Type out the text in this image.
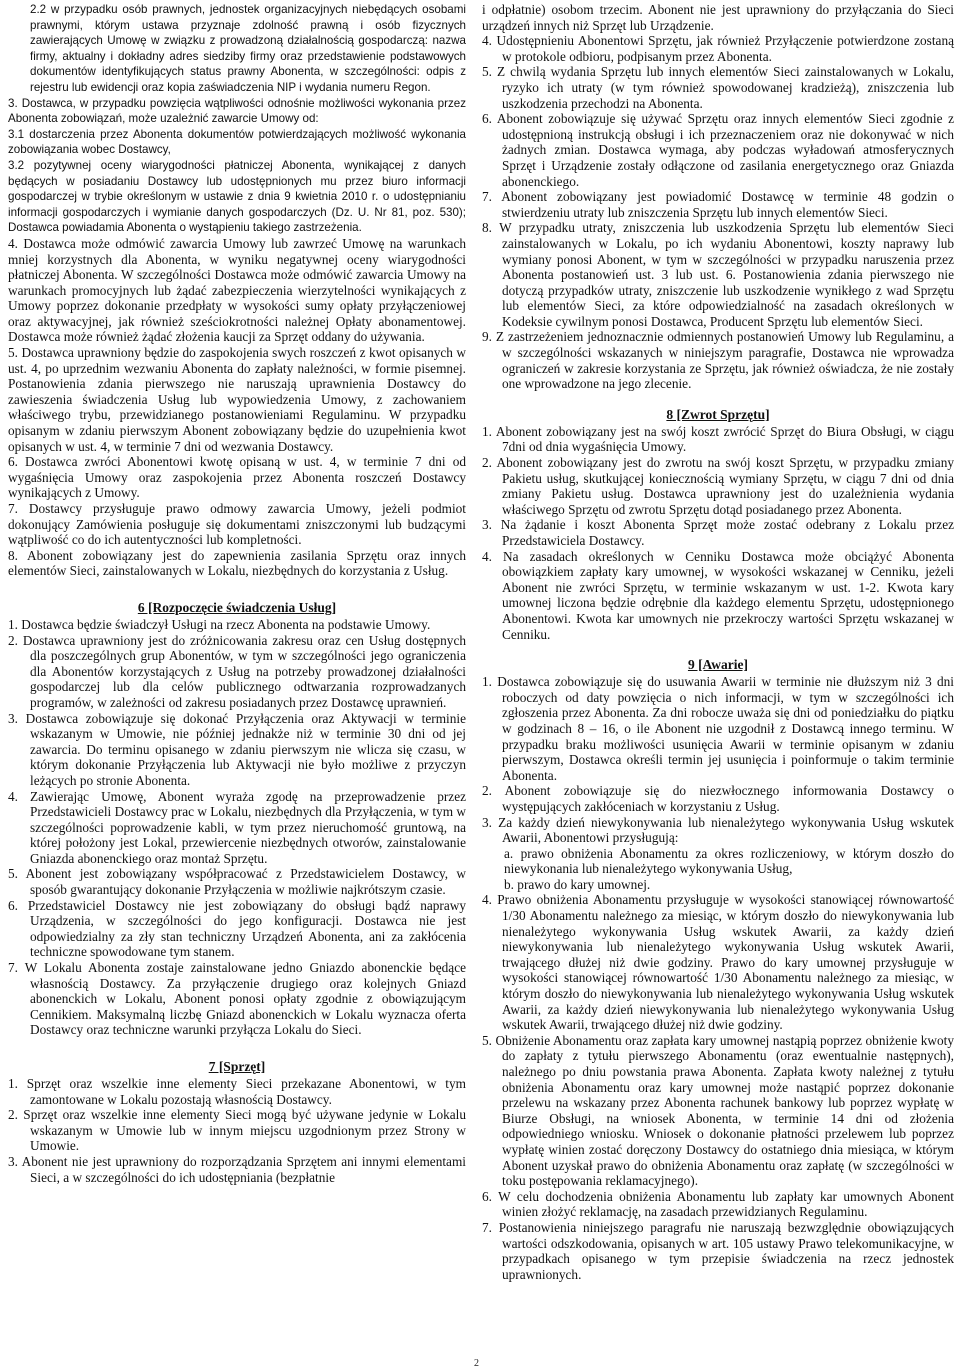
2.2 w przypadku osób prawnych, jednostek organizacyjnych niebędących osobami prawnymi, którym ustawa przyznaje zdolność prawną i osób fizycznych zawierających Umowę w związku z prowadzoną działalnością gospodarczą: nazwa firmy, aktualny i dokładny adres siedziby firmy oraz przedstawienie podstawowych dokumentów identyfikujących status prawny Abonenta, w szczególności: odpis z rejestru lub ewidencji oraz kopia zaświadczenia NIP i wydania numeru Regon.

3. Dostawca, w przypadku powzięcia wątpliwości odnośnie możliwości wykonania przez Abonenta zobowiązań, może uzależnić zawarcie Umowy od:

3.1 dostarczenia przez Abonenta dokumentów potwierdzających możliwość wykonania zobowiązania wobec Dostawcy,

3.2 pozytywnej oceny wiarygodności płatniczej Abonenta, wynikającej z danych będących w posiadaniu Dostawcy lub udostępnionych mu przez biuro informacji gospodarczej w trybie określonym w ustawie z dnia 9 kwietnia 2010 r. o udostępnianiu informacji gospodarczych i wymianie danych gospodarczych (Dz. U. Nr 81, poz. 530); Dostawca powiadamia Abonenta o wystąpieniu takiego zastrzeżenia.

4. Dostawca może odmówić zawarcia Umowy lub zawrzeć Umowę na warunkach mniej korzystnych dla Abonenta, w wyniku negatywnej oceny wiarygodności płatniczej Abonenta. W szczególności Dostawca może odmówić zawarcia Umowy na warunkach promocyjnych lub żądać zabezpieczenia wierzytelności wynikających z Umowy poprzez dokonanie przedpłaty w wysokości sumy opłaty przyłączeniowej oraz aktywacyjnej, jak również sześciokrotności należnej Opłaty abonamentowej. Dostawca może również żądać złożenia kaucji za Sprzęt oddany do używania.

5. Dostawca uprawniony będzie do zaspokojenia swych roszczeń z kwot opisanych w ust. 4, po uprzednim wezwaniu Abonenta do zapłaty należności, w formie pisemnej. Postanowienia zdania pierwszego nie naruszają uprawnienia Dostawcy do zawieszenia świadczenia Usług lub wypowiedzenia Umowy, z zachowaniem właściwego trybu, przewidzianego postanowieniami Regulaminu. W przypadku opisanym w zdaniu pierwszym Abonent zobowiązany będzie do uzupełnienia kwot opisanych w ust. 4, w terminie 7 dni od wezwania Dostawcy.

6. Dostawca zwróci Abonentowi kwotę opisaną w ust. 4, w terminie 7 dni od wygaśnięcia Umowy oraz zaspokojenia przez Abonenta roszczeń Dostawcy wynikających z Umowy.

7. Dostawcy przysługuje prawo odmowy zawarcia Umowy, jeżeli podmiot dokonujący Zamówienia posługuje się dokumentami zniszczonymi lub budzącymi wątpliwość co do ich autentyczności lub kompletności.

8. Abonent zobowiązany jest do zapewnienia zasilania Sprzętu oraz innych elementów Sieci, zainstalowanych w Lokalu, niezbędnych do korzystania z Usług.

6 [Rozpoczęcie świadczenia Usług]

1. Dostawca będzie świadczył Usługi na rzecz Abonenta na podstawie Umowy.

2. Dostawca uprawniony jest do zróżnicowania zakresu oraz cen Usług dostępnych dla poszczególnych grup Abonentów, w tym w szczególności jego ograniczenia dla Abonentów korzystających z Usług na potrzeby prowadzonej działalności gospodarczej lub dla celów publicznego odtwarzania rozprowadzanych programów, w zależności od zakresu posiadanych przez Dostawcę uprawnień.

3. Dostawca zobowiązuje się dokonać Przyłączenia oraz Aktywacji w terminie wskazanym w Umowie, nie później jednakże niż w terminie 30 dni od jej zawarcia. Do terminu opisanego w zdaniu pierwszym nie wlicza się czasu, w którym dokonanie Przyłączenia lub Aktywacji nie było możliwe z przyczyn leżących po stronie Abonenta.

4. Zawierając Umowę, Abonent wyraża zgodę na przeprowadzenie przez Przedstawicieli Dostawcy prac w Lokalu, niezbędnych dla Przyłączenia, w tym w szczególności poprowadzenie kabli, w tym przez nieruchomość gruntową, na której położony jest Lokal, przewiercenie niezbędnych otworów, zainstalowanie Gniazda abonenckiego oraz montaż Sprzętu.

5. Abonent jest zobowiązany współpracować z Przedstawicielem Dostawcy, w sposób gwarantujący dokonanie Przyłączenia w możliwie najkrótszym czasie.

6. Przedstawiciel Dostawcy nie jest zobowiązany do obsługi bądź naprawy Urządzenia, w szczególności do jego konfiguracji. Dostawca nie jest odpowiedzialny za zły stan techniczny Urządzeń Abonenta, ani za zakłócenia techniczne spowodowane tym stanem.

7. W Lokalu Abonenta zostaje zainstalowane jedno Gniazdo abonenckie będące własnością Dostawcy. Za przyłączenie drugiego oraz kolejnych Gniazd abonenckich w Lokalu, Abonent ponosi opłaty zgodnie z obowiązującym Cennikiem. Maksymalną liczbę Gniazd abonenckich w Lokalu wyznacza oferta Dostawcy oraz techniczne warunki przyłącza Lokalu do Sieci.

7 [Sprzęt]

1. Sprzęt oraz wszelkie inne elementy Sieci przekazane Abonentowi, w tym zamontowane w Lokalu pozostają własnością Dostawcy.

2. Sprzęt oraz wszelkie inne elementy Sieci mogą być używane jedynie w Lokalu wskazanym w Umowie lub w innym miejscu uzgodnionym przez Strony w Umowie.

3. Abonent nie jest uprawniony do rozporządzania Sprzętem ani innymi elementami Sieci, a w szczególności do ich udostępniania (bezpłatnie

i odpłatnie) osobom trzecim. Abonent nie jest uprawniony do przyłączania do Sieci urządzeń innych niż Sprzęt lub Urządzenie.

4. Udostępnieniu Abonentowi Sprzętu, jak również Przyłączenie potwierdzone zostaną w protokole odbioru, podpisanym przez Abonenta.

5. Z chwilą wydania Sprzętu lub innych elementów Sieci zainstalowanych w Lokalu, ryzyko ich utraty (w tym również spowodowanej kradzieżą), zniszczenia lub uszkodzenia przechodzi na Abonenta.

6. Abonent zobowiązuje się używać Sprzętu oraz innych elementów Sieci zgodnie z udostępnioną instrukcją obsługi i ich przeznaczeniem oraz nie dokonywać w nich żadnych zmian. Dostawca wymaga, aby podczas wyładowań atmosferycznych Sprzęt i Urządzenie zostały odłączone od zasilania energetycznego oraz Gniazda abonenckiego.

7. Abonent zobowiązany jest powiadomić Dostawcę w terminie 48 godzin o stwierdzeniu utraty lub zniszczenia Sprzętu lub innych elementów Sieci.

8. W przypadku utraty, zniszczenia lub uszkodzenia Sprzętu lub elementów Sieci zainstalowanych w Lokalu, po ich wydaniu Abonentowi, koszty naprawy lub wymiany ponosi Abonent, w tym w szczególności w przypadku naruszenia przez Abonenta postanowień ust. 3 lub ust. 6. Postanowienia zdania pierwszego nie dotyczą przypadków utraty, zniszczenie lub uszkodzenie wynikłego z wad Sprzętu lub elementów Sieci, za które odpowiedzialność na zasadach określonych w Kodeksie cywilnym ponosi Dostawca, Producent Sprzętu lub elementów Sieci.

9. Z zastrzeżeniem jednoznacznie odmiennych postanowień Umowy lub Regulaminu, a w szczególności wskazanych w niniejszym paragrafie, Dostawca nie wprowadza ograniczeń w zakresie korzystania ze Sprzętu, jak również oświadcza, że nie zostały one wprowadzone na jego zlecenie.

8 [Zwrot Sprzętu]

1. Abonent zobowiązany jest na swój koszt zwrócić Sprzęt do Biura Obsługi, w ciągu 7dni od dnia wygaśnięcia Umowy.

2. Abonent zobowiązany jest do zwrotu na swój koszt Sprzętu, w przypadku zmiany Pakietu usług, skutkującej koniecznością wymiany Sprzętu, w ciągu 7 dni od dnia zmiany Pakietu usług. Dostawca uprawniony jest do uzależnienia wydania właściwego Sprzętu od zwrotu Sprzętu dotąd posiadanego przez Abonenta.

3. Na żądanie i koszt Abonenta Sprzęt może zostać odebrany z Lokalu przez Przedstawiciela Dostawcy.

4. Na zasadach określonych w Cenniku Dostawca może obciążyć Abonenta obowiązkiem zapłaty kary umownej, w wysokości wskazanej w Cenniku, jeżeli Abonent nie zwróci Sprzętu, w terminie wskazanym w ust. 1-2. Kwota kary umownej liczona będzie odrębnie dla każdego elementu Sprzętu, udostępnionego Abonentowi. Kwota kar umownych nie przekroczy wartości Sprzętu wskazanej w Cenniku.

9 [Awarie]

1. Dostawca zobowiązuje się do usuwania Awarii w terminie nie dłuższym niż 3 dni roboczych od daty powzięcia o nich informacji, w tym w szczególności ich zgłoszenia przez Abonenta. Za dni robocze uważa się dni od poniedziałku do piątku w godzinach 8 – 16, o ile Abonent nie uzgodnił z Dostawcą innego terminu. W przypadku braku możliwości usunięcia Awarii w terminie opisanym w zdaniu pierwszym, Dostawca określi termin jej usunięcia i poinformuje o takim terminie Abonenta.

2. Abonent zobowiązuje się do niezwłocznego informowania Dostawcy o występujących zakłóceniach w korzystaniu z Usług.

3. Za każdy dzień niewykonywania lub nienależytego wykonywania Usług wskutek Awarii, Abonentowi przysługują:

a. prawo obniżenia Abonamentu za okres rozliczeniowy, w którym doszło do niewykonania lub nienależytego wykonywania Usług,

b. prawo do kary umownej.

4. Prawo obniżenia Abonamentu przysługuje w wysokości stanowiącej równowartość 1/30 Abonamentu należnego za miesiąc, w którym doszło do niewykonywania lub nienależytego wykonywania Usług wskutek Awarii, za każdy dzień niewykonywania lub nienależytego wykonywania Usług wskutek Awarii, trwającego dłużej niż dwie godziny. Prawo do kary umownej przysługuje w wysokości stanowiącej równowartość 1/30 Abonamentu należnego za miesiąc, w którym doszło do niewykonywania lub nienależytego wykonywania Usług wskutek Awarii, za każdy dzień niewykonywania lub nienależytego wykonywania Usług wskutek Awarii, trwającego dłużej niż dwie godziny.

5. Obniżenie Abonamentu oraz zapłata kary umownej nastąpią poprzez obniżenie kwoty do zapłaty z tytułu pierwszego Abonamentu (oraz ewentualnie następnych), należnego po dniu powstania prawa Abonenta. Zapłata kwoty należnej z tytułu obniżenia Abonamentu oraz kary umownej może nastąpić poprzez dokonanie przelewu na wskazany przez Abonenta rachunek bankowy lub poprzez wypłatę w Biurze Obsługi, na wniosek Abonenta, w terminie 14 dni od złożenia odpowiedniego wniosku. Wniosek o dokonanie płatności przelewem lub poprzez wypłatę winien zostać doręczony Dostawcy do ostatniego dnia miesiąca, w którym Abonent uzyskał prawo do obniżenia Abonamentu oraz zapłatę (w szczególności w toku postępowania reklamacyjnego).

6. W celu dochodzenia obniżenia Abonamentu lub zapłaty kar umownych Abonent winien złożyć reklamację, na zasadach przewidzianych Regulaminu.

7. Postanowienia niniejszego paragrafu nie naruszają bezwzględnie obowiązujących wartości odszkodowania, opisanych w art. 105 ustawy Prawo telekomunikacyjne, w przypadkach opisanego w tym przepisie świadczenia na rzecz jednostek uprawnionych.

2
